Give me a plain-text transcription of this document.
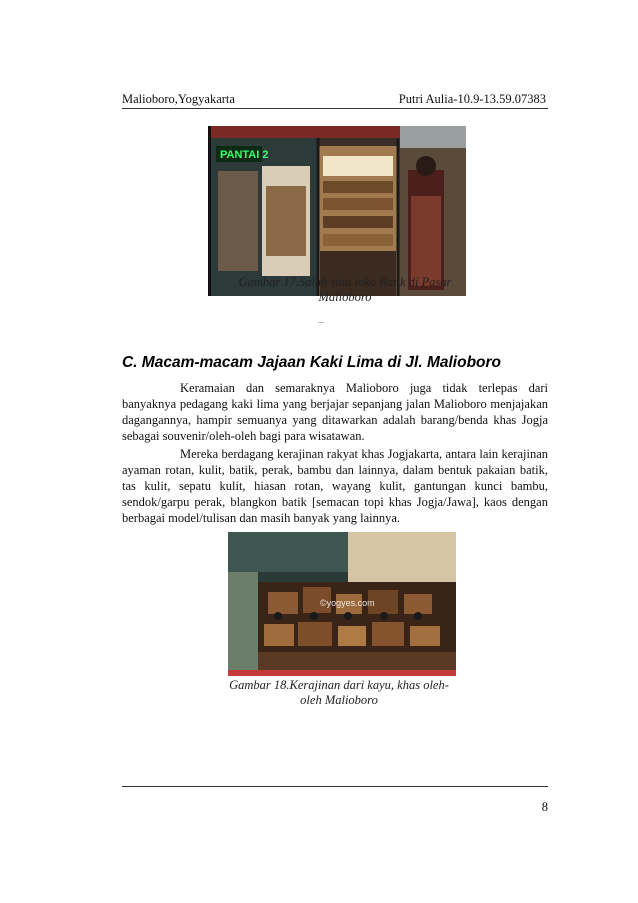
Malioboro,Yogyakarta	Putri Aulia-10.9-13.59.07383
PANTAI 2
Gambar 17.Salah satu toko Batik di Pasar Malioboro
...
C. Macam-macam Jajaan Kaki Lima di Jl. Malioboro

Keramaian dan semaraknya Malioboro juga tidak terlepas dari banyaknya pedagang kaki lima yang berjajar sepanjang jalan Malioboro menjajakan dagangannya, hampir semuanya yang ditawarkan adalah barang/benda khas Jogja sebagai souvenir/oleh-oleh bagi para wisatawan.

Mereka berdagang kerajinan rakyat khas Jogjakarta, antara lain kerajinan ayaman rotan, kulit, batik, perak, bambu dan lainnya, dalam bentuk pakaian batik, tas kulit, sepatu kulit, hiasan rotan, wayang kulit, gantungan kunci bambu, sendok/garpu perak, blangkon batik [semacan topi khas Jogja/Jawa], kaos dengan berbagai model/tulisan dan masih banyak yang lainnya.

©yogyes.com
Gambar 18.Kerajinan dari kayu, khas oleh-oleh Malioboro
8
